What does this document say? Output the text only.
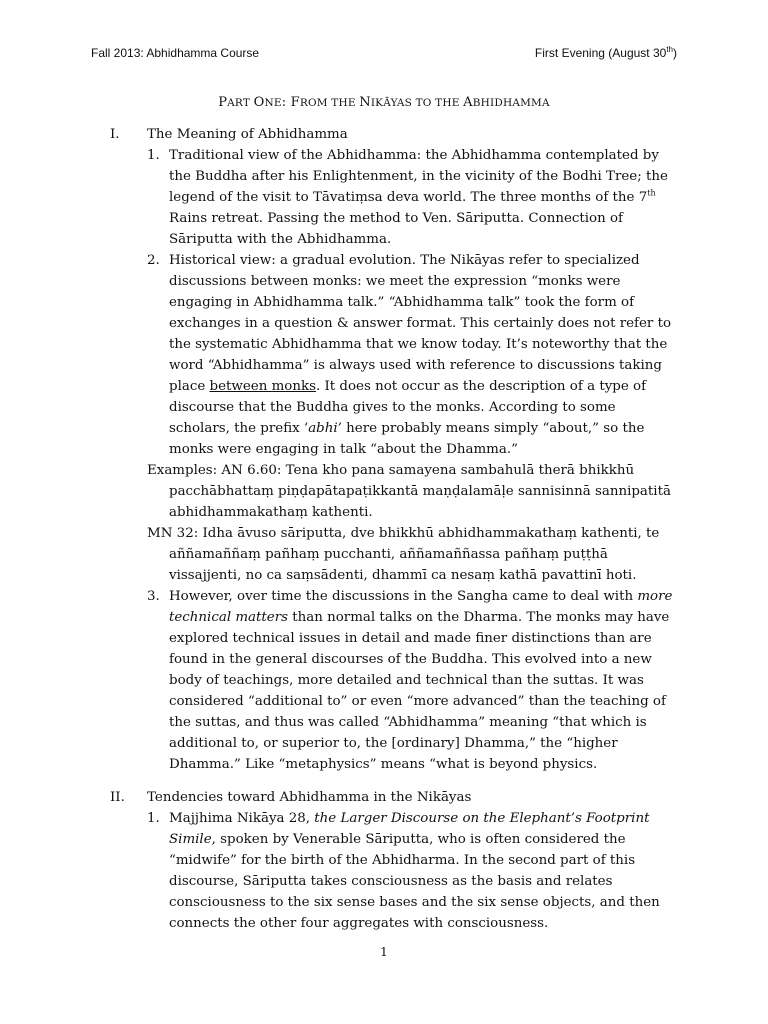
Fall 2013: Abhidhamma Course	First Evening (August 30th)
PART ONE: FROM THE NIKĀYAS TO THE ABHIDHAMMA
I. The Meaning of Abhidhamma
1. Traditional view of the Abhidhamma: the Abhidhamma contemplated by the Buddha after his Enlightenment, in the vicinity of the Bodhi Tree; the legend of the visit to Tāvatiṃsa deva world. The three months of the 7th Rains retreat. Passing the method to Ven. Sāriputta. Connection of Sāriputta with the Abhidhamma.
2. Historical view: a gradual evolution. The Nikāyas refer to specialized discussions between monks: we meet the expression “monks were engaging in Abhidhamma talk.” “Abhidhamma talk” took the form of exchanges in a question & answer format. This certainly does not refer to the systematic Abhidhamma that we know today. It’s noteworthy that the word “Abhidhamma” is always used with reference to discussions taking place between monks. It does not occur as the description of a type of discourse that the Buddha gives to the monks. According to some scholars, the prefix ‘abhi’ here probably means simply “about,” so the monks were engaging in talk “about the Dhamma.”
Examples: AN 6.60: Tena kho pana samayena sambahulā therā bhikkhū
pacchābhattaṃ piṇḍapātapaṭikkantā maṇḍalamāḷe sannisinnā sannipatitā abhidhammakathaṃ kathenti.
MN 32: Idha āvuso sāriputta, dve bhikkhū abhidhammakathaṃ kathenti, te
aññamaññaṃ pañhaṃ pucchanti, aññamaññassa pañhaṃ puṭṭhā vissajjenti, no ca saṃsādenti, dhammī ca nesaṃ kathā pavattinī hoti.
3. However, over time the discussions in the Sangha came to deal with more technical matters than normal talks on the Dharma. The monks may have explored technical issues in detail and made finer distinctions than are found in the general discourses of the Buddha. This evolved into a new body of teachings, more detailed and technical than the suttas. It was considered “additional to” or even “more advanced” than the teaching of the suttas, and thus was called “Abhidhamma” meaning “that which is additional to, or superior to, the [ordinary] Dhamma,” the “higher Dhamma.” Like “metaphysics” means “what is beyond physics.
II. Tendencies toward Abhidhamma in the Nikāyas
1. Majjhima Nikāya 28, the Larger Discourse on the Elephant’s Footprint Simile, spoken by Venerable Sāriputta, who is often considered the “midwife” for the birth of the Abhidharma. In the second part of this discourse, Sāriputta takes consciousness as the basis and relates consciousness to the six sense bases and the six sense objects, and then connects the other four aggregates with consciousness.
1
